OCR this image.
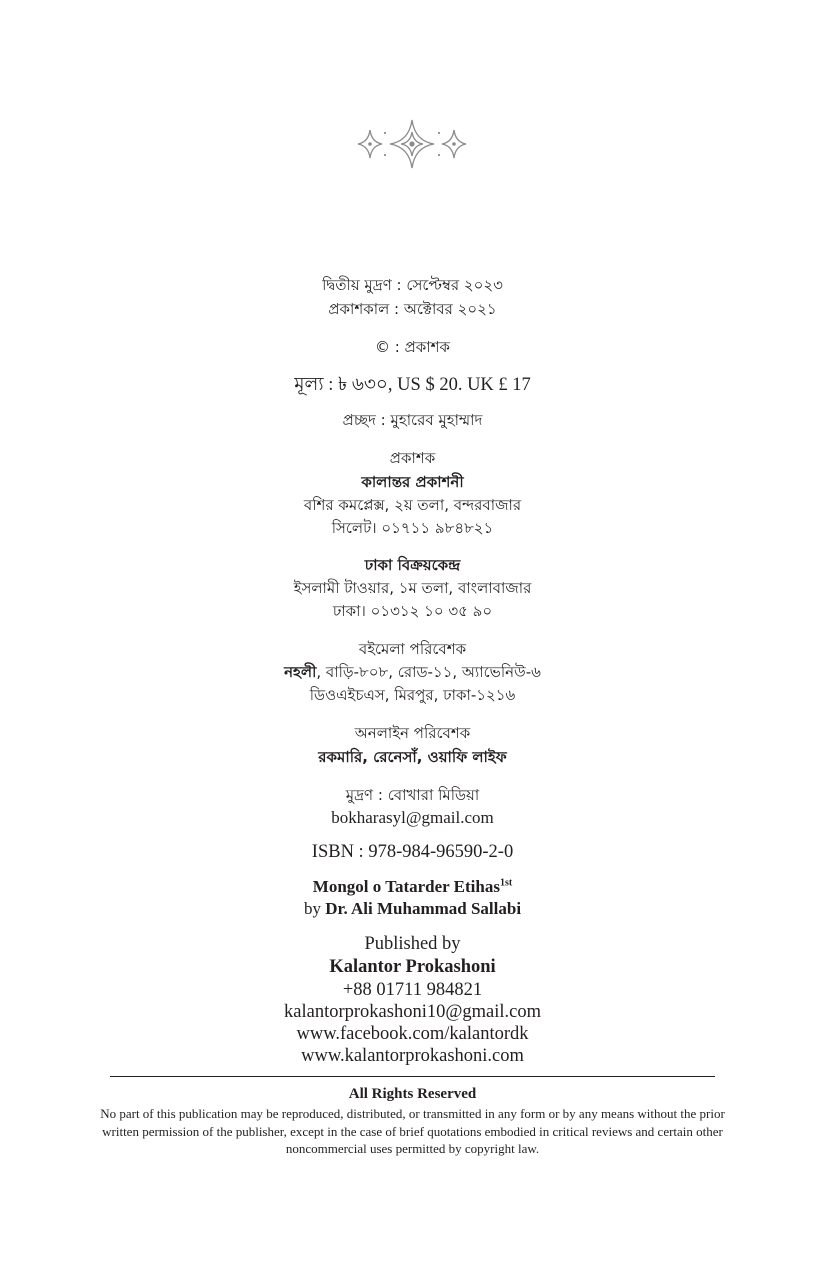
দ্বিতীয় মুদ্রণ : সেপ্টেম্বর ২০২৩
প্রকাশকাল : অক্টোবর ২০২১
© : প্রকাশক
মূল্য : ৳ ৬৩০, US $ 20. UK £ 17
প্রচ্ছদ : মুহারেব মুহাম্মাদ
প্রকাশক
কালান্তর প্রকাশনী
বশির কমপ্লেক্স, ২য় তলা, বন্দরবাজার
সিলেট। ০১৭১১ ৯৮৪৮২১
ঢাকা বিক্রয়কেন্দ্র
ইসলামী টাওয়ার, ১ম তলা, বাংলাবাজার
ঢাকা। ০১৩১২ ১০ ৩৫ ৯০
বইমেলা পরিবেশক
নহলী, বাড়ি-৮০৮, রোড-১১, অ্যাভেনিউ-৬
ডিওএইচএস, মিরপুর, ঢাকা-১২১৬
অনলাইন পরিবেশক
রকমারি, রেনেসাঁ, ওয়াফি লাইফ
মুদ্রণ : বোখারা মিডিয়া
bokharasyl@gmail.com
ISBN : 978-984-96590-2-0
Mongol o Tatarder Etihas$^{1st}$
by Dr. Ali Muhammad Sallabi
Published by
Kalantor Prokashoni
+88 01711 984821
kalantorprokashoni10@gmail.com
www.facebook.com/kalantordk
www.kalantorprokashoni.com
All Rights Reserved
No part of this publication may be reproduced, distributed, or transmitted in any form or by any means without the prior written permission of the publisher, except in the case of brief quotations embodied in critical reviews and certain other noncommercial uses permitted by copyright law.
